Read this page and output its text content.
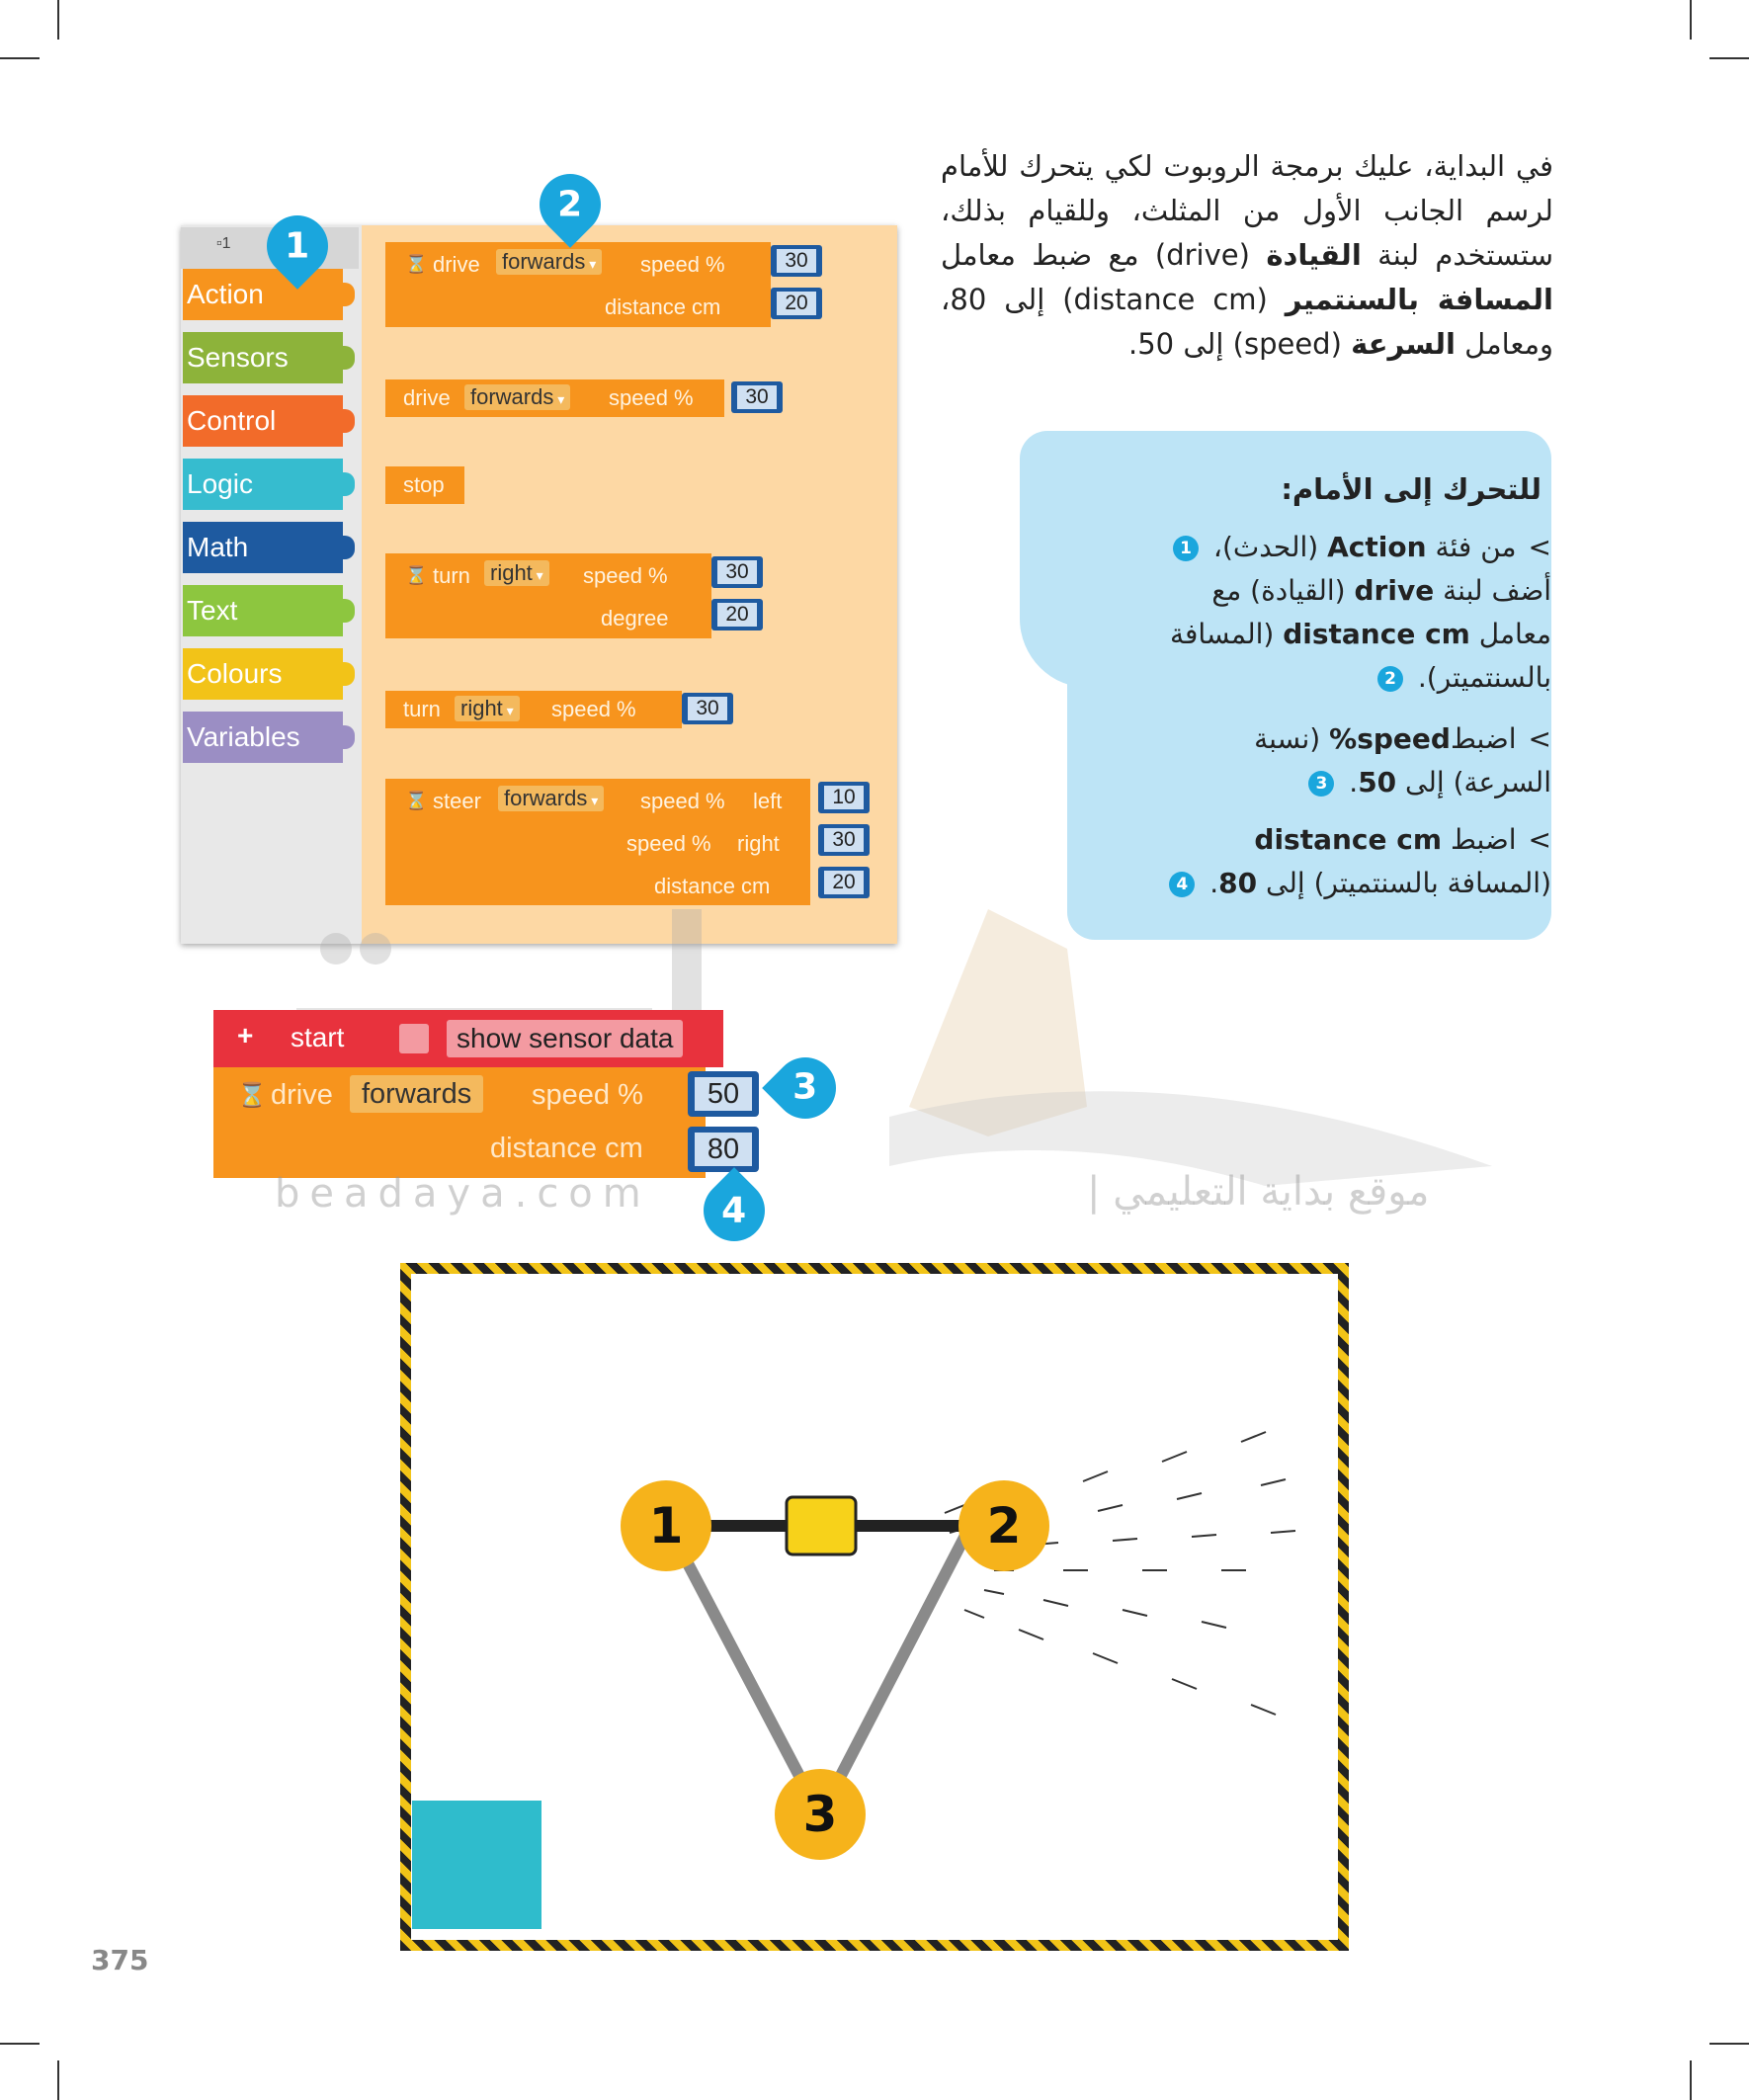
في البداية، عليك برمجة الروبوت لكي يتحرك للأمام لرسم الجانب الأول من المثلث، وللقيام بذلك، ستستخدم لبنة القيادة (drive) مع ضبط معامل المسافة بالسنتمير (distance cm) إلى 80، ومعامل السرعة (speed) إلى 50.
للتحرك إلى الأمام:
>من فئة Action (الحدث)، 1
أضف لبنة drive (القيادة) مع معامل distance cm (المسافة بالسنتميتر). 2
>اضبطspeed% (نسبة السرعة) إلى 50. 3
>اضبط distance cm (المسافة بالسنتميتر) إلى 80. 4
▫1
Action
Sensors
Control
Logic
Math
Text
Colours
Variables
⌛ drive forwards ▾	speed %	30
distance cm	20
drive forwards ▾	speed %	30
stop
⌛ turn right ▾	speed %	30
degree	20
turn right ▾	speed %	30
⌛ steer forwards ▾	speed % left	10
speed % right	30
distance cm	20
1
2
+ start	show sensor data
⌛ drive	forwards	speed %	50
distance cm	80
3
4
beadaya.com	موقع بداية التعليمي |
1	2
3
375
